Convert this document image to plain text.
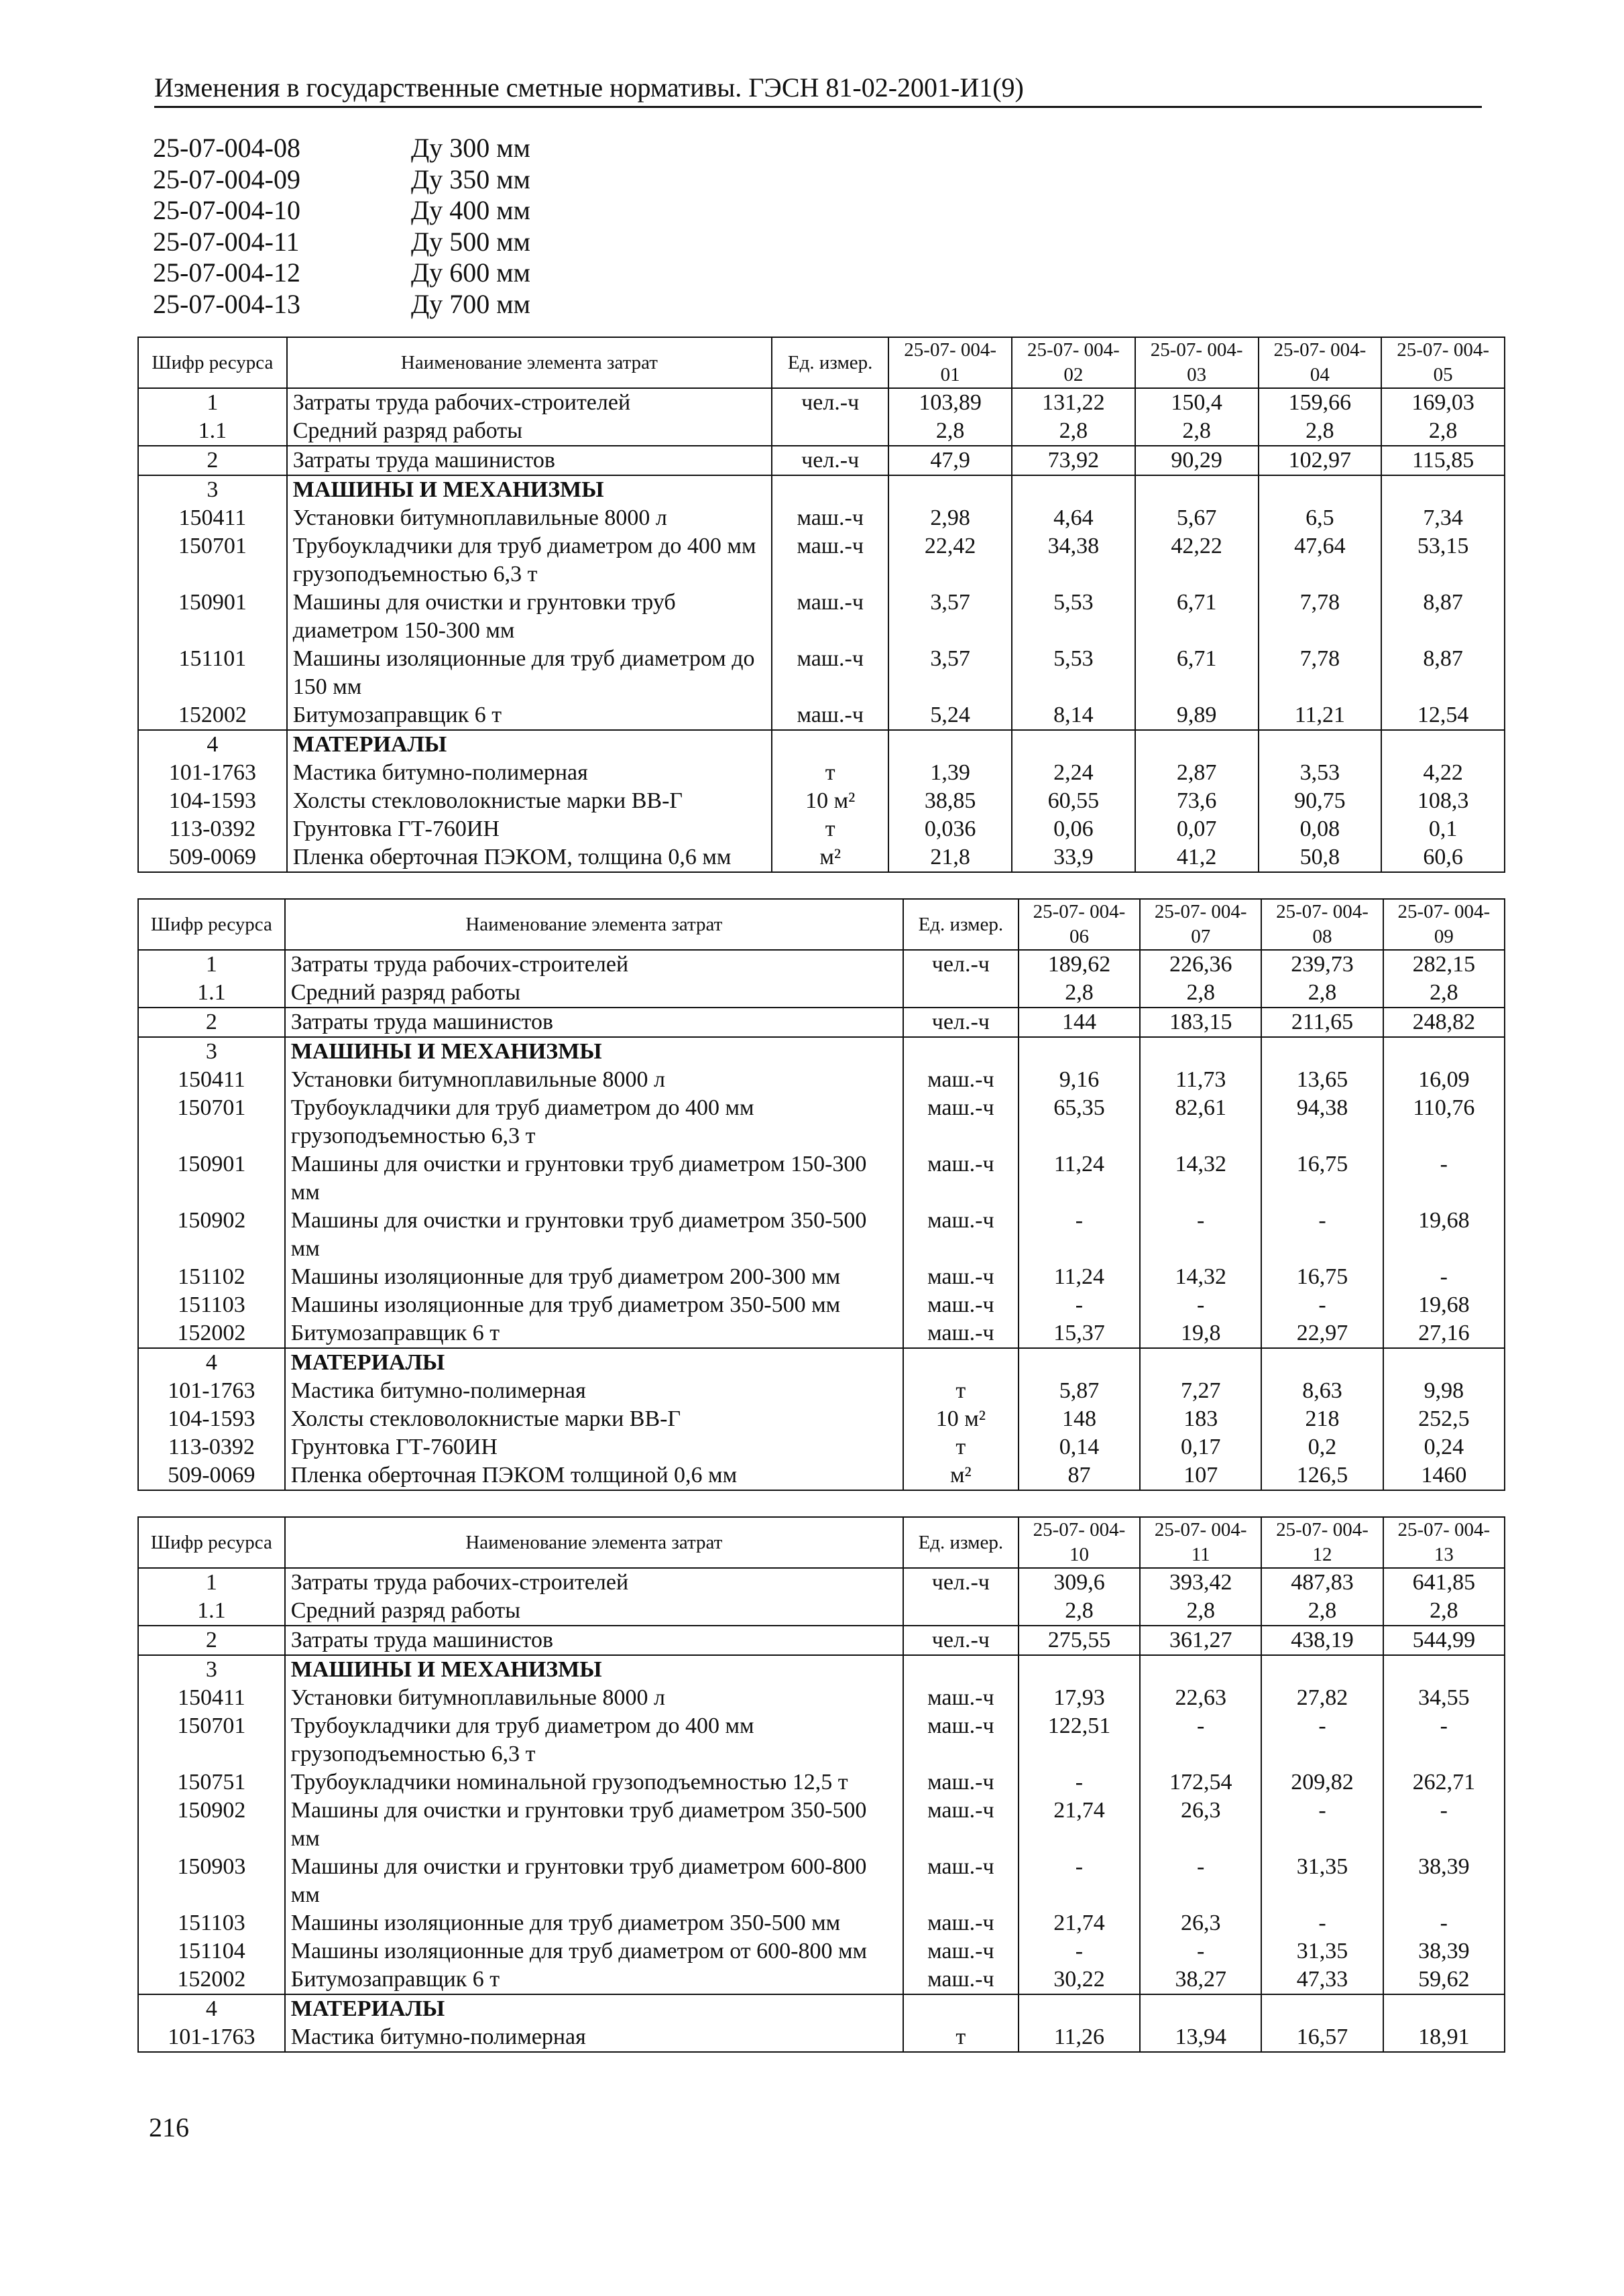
Изменения в государственные сметные нормативы. ГЭСН 81-02-2001-И1(9)
25-07-004-08	Ду 300 мм
25-07-004-09	Ду 350 мм
25-07-004-10	Ду 400 мм
25-07-004-11	Ду 500 мм
25-07-004-12	Ду 600 мм
25-07-004-13	Ду 700 мм
Шифр ресурса	Наименование элемента затрат	Ед. измер.	25-07- 004-01	25-07- 004-02	25-07- 004-03	25-07- 004-04	25-07- 004-05
1	Затраты труда рабочих-строителей	чел.-ч	103,89	131,22	150,4	159,66	169,03
1.1	Средний разряд работы		2,8	2,8	2,8	2,8	2,8
2	Затраты труда машинистов	чел.-ч	47,9	73,92	90,29	102,97	115,85
3	МАШИНЫ И МЕХАНИЗМЫ						
150411	Установки битумноплавильные 8000 л	маш.-ч	2,98	4,64	5,67	6,5	7,34
150701	Трубоукладчики для труб диаметром до 400 мм грузоподъемностью 6,3 т	маш.-ч	22,42	34,38	42,22	47,64	53,15
150901	Машины для очистки и грунтовки труб диаметром 150-300 мм	маш.-ч	3,57	5,53	6,71	7,78	8,87
151101	Машины изоляционные для труб диаметром до 150 мм	маш.-ч	3,57	5,53	6,71	7,78	8,87
152002	Битумозаправщик 6 т	маш.-ч	5,24	8,14	9,89	11,21	12,54
4	МАТЕРИАЛЫ						
101-1763	Мастика битумно-полимерная	т	1,39	2,24	2,87	3,53	4,22
104-1593	Холсты стекловолокнистые марки ВВ-Г	10 м²	38,85	60,55	73,6	90,75	108,3
113-0392	Грунтовка ГТ-760ИН	т	0,036	0,06	0,07	0,08	0,1
509-0069	Пленка оберточная ПЭКОМ, толщина 0,6 мм	м²	21,8	33,9	41,2	50,8	60,6
Шифр ресурса	Наименование элемента затрат	Ед. измер.	25-07- 004-06	25-07- 004-07	25-07- 004-08	25-07- 004-09
1	Затраты труда рабочих-строителей	чел.-ч	189,62	226,36	239,73	282,15
1.1	Средний разряд работы		2,8	2,8	2,8	2,8
2	Затраты труда машинистов	чел.-ч	144	183,15	211,65	248,82
3	МАШИНЫ И МЕХАНИЗМЫ					
150411	Установки битумноплавильные 8000 л	маш.-ч	9,16	11,73	13,65	16,09
150701	Трубоукладчики для труб диаметром до 400 мм грузоподъемностью 6,3 т	маш.-ч	65,35	82,61	94,38	110,76
150901	Машины для очистки и грунтовки труб диаметром 150-300 мм	маш.-ч	11,24	14,32	16,75	-
150902	Машины для очистки и грунтовки труб диаметром 350-500 мм	маш.-ч	-	-	-	19,68
151102	Машины изоляционные для труб диаметром 200-300 мм	маш.-ч	11,24	14,32	16,75	-
151103	Машины изоляционные для труб диаметром 350-500 мм	маш.-ч	-	-	-	19,68
152002	Битумозаправщик 6 т	маш.-ч	15,37	19,8	22,97	27,16
4	МАТЕРИАЛЫ					
101-1763	Мастика битумно-полимерная	т	5,87	7,27	8,63	9,98
104-1593	Холсты стекловолокнистые марки ВВ-Г	10 м²	148	183	218	252,5
113-0392	Грунтовка ГТ-760ИН	т	0,14	0,17	0,2	0,24
509-0069	Пленка оберточная ПЭКОМ толщиной 0,6 мм	м²	87	107	126,5	1460
Шифр ресурса	Наименование элемента затрат	Ед. измер.	25-07- 004-10	25-07- 004-11	25-07- 004-12	25-07- 004-13
1	Затраты труда рабочих-строителей	чел.-ч	309,6	393,42	487,83	641,85
1.1	Средний разряд работы		2,8	2,8	2,8	2,8
2	Затраты труда машинистов	чел.-ч	275,55	361,27	438,19	544,99
3	МАШИНЫ И МЕХАНИЗМЫ					
150411	Установки битумноплавильные 8000 л	маш.-ч	17,93	22,63	27,82	34,55
150701	Трубоукладчики для труб диаметром до 400 мм грузоподъемностью 6,3 т	маш.-ч	122,51	-	-	-
150751	Трубоукладчики номинальной грузоподъемностью 12,5 т	маш.-ч	-	172,54	209,82	262,71
150902	Машины для очистки и грунтовки труб диаметром 350-500 мм	маш.-ч	21,74	26,3	-	-
150903	Машины для очистки и грунтовки труб диаметром 600-800 мм	маш.-ч	-	-	31,35	38,39
151103	Машины изоляционные для труб диаметром 350-500 мм	маш.-ч	21,74	26,3	-	-
151104	Машины изоляционные для труб диаметром от 600-800 мм	маш.-ч	-	-	31,35	38,39
152002	Битумозаправщик 6 т	маш.-ч	30,22	38,27	47,33	59,62
4	МАТЕРИАЛЫ					
101-1763	Мастика битумно-полимерная	т	11,26	13,94	16,57	18,91
216
